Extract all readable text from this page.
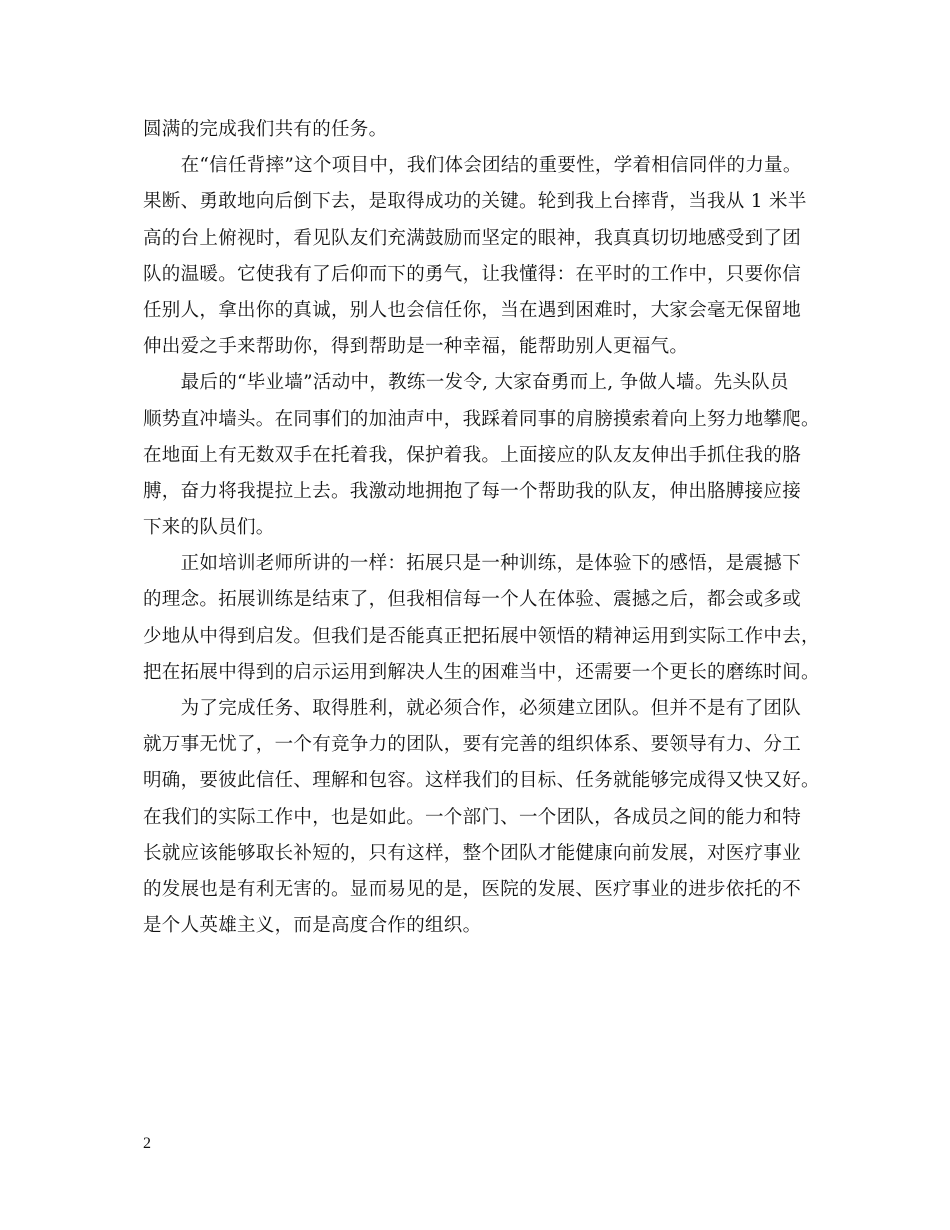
圆满的完成我们共有的任务。
　　在“信任背摔”这个项目中，我们体会团结的重要性，学着相信同伴的力量。
果断、勇敢地向后倒下去，是取得成功的关键。轮到我上台摔背，当我从 1 米半
高的台上俯视时，看见队友们充满鼓励而坚定的眼神，我真真切切地感受到了团
队的温暖。它使我有了后仰而下的勇气，让我懂得：在平时的工作中，只要你信
任别人，拿出你的真诚，别人也会信任你，当在遇到困难时，大家会毫无保留地
伸出爱之手来帮助你，得到帮助是一种幸福，能帮助别人更福气。
　　最后的“毕业墙”活动中，教练一发令, 大家奋勇而上, 争做人墙。先头队员
顺势直冲墙头。在同事们的加油声中，我踩着同事的肩膀摸索着向上努力地攀爬。
在地面上有无数双手在托着我，保护着我。上面接应的队友友伸出手抓住我的胳
膊，奋力将我提拉上去。我激动地拥抱了每一个帮助我的队友，伸出胳膊接应接
下来的队员们。
　　正如培训老师所讲的一样：拓展只是一种训练，是体验下的感悟，是震撼下
的理念。拓展训练是结束了，但我相信每一个人在体验、震撼之后，都会或多或
少地从中得到启发。但我们是否能真正把拓展中领悟的精神运用到实际工作中去，
把在拓展中得到的启示运用到解决人生的困难当中，还需要一个更长的磨练时间。
　　为了完成任务、取得胜利，就必须合作，必须建立团队。但并不是有了团队
就万事无忧了，一个有竞争力的团队，要有完善的组织体系、要领导有力、分工
明确，要彼此信任、理解和包容。这样我们的目标、任务就能够完成得又快又好。
在我们的实际工作中，也是如此。一个部门、一个团队，各成员之间的能力和特
长就应该能够取长补短的，只有这样，整个团队才能健康向前发展，对医疗事业
的发展也是有利无害的。显而易见的是，医院的发展、医疗事业的进步依托的不
是个人英雄主义，而是高度合作的组织。
2
